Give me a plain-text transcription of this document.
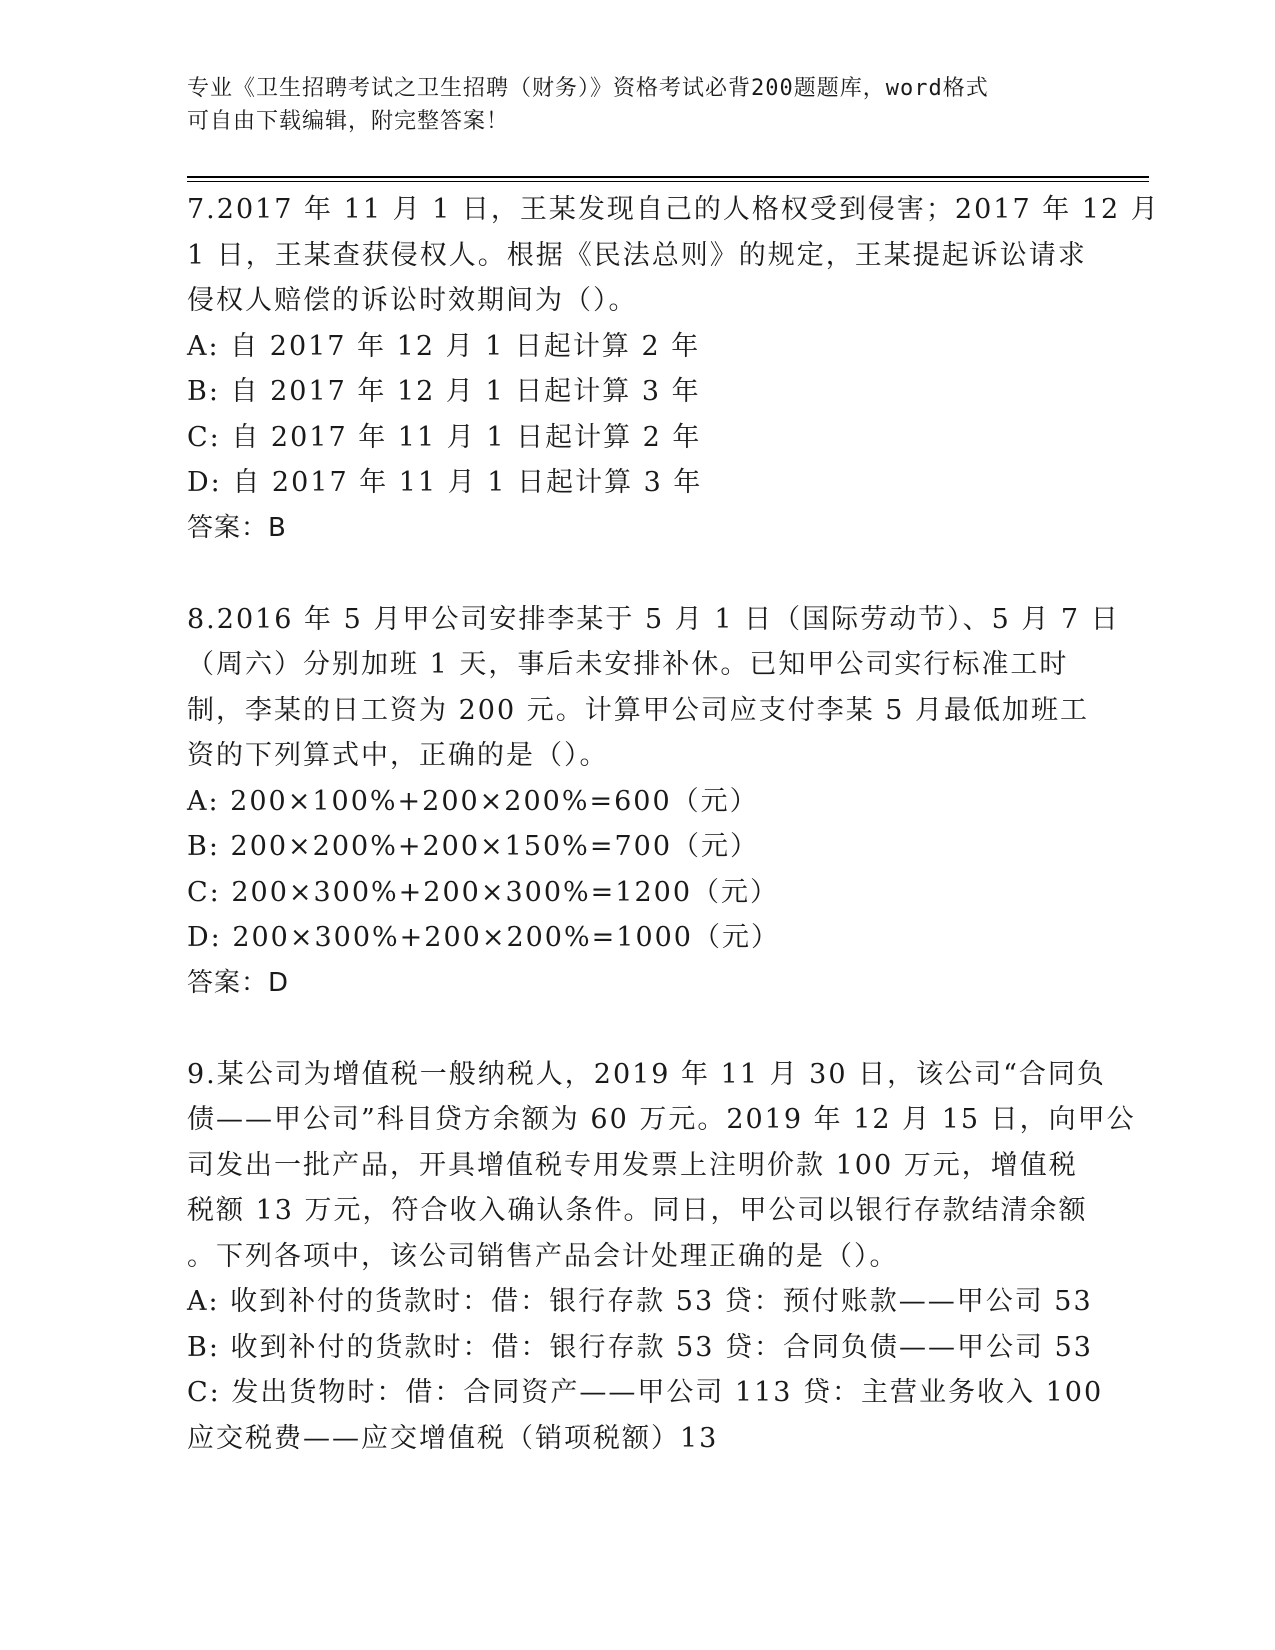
专业《卫生招聘考试之卫生招聘（财务）》资格考试必背200题题库，word格式
可自由下载编辑，附完整答案！
7.2017 年 11 月 1 日，王某发现自己的人格权受到侵害；2017 年 12 月
1 日，王某查获侵权人。根据《民法总则》的规定，王某提起诉讼请求
侵权人赔偿的诉讼时效期间为（）。
A: 自 2017 年 12 月 1 日起计算 2 年
B: 自 2017 年 12 月 1 日起计算 3 年
C: 自 2017 年 11 月 1 日起计算 2 年
D: 自 2017 年 11 月 1 日起计算 3 年
答案：B
8.2016 年 5 月甲公司安排李某于 5 月 1 日（国际劳动节）、5 月 7 日
（周六）分别加班 1 天，事后未安排补休。已知甲公司实行标准工时
制，李某的日工资为 200 元。计算甲公司应支付李某 5 月最低加班工
资的下列算式中，正确的是（）。
A: 200×100%+200×200%=600（元）
B: 200×200%+200×150%=700（元）
C: 200×300%+200×300%=1200（元）
D: 200×300%+200×200%=1000（元）
答案：D
9.某公司为增值税一般纳税人，2019 年 11 月 30 日，该公司“合同负
债——甲公司”科目贷方余额为 60 万元。2019 年 12 月 15 日，向甲公
司发出一批产品，开具增值税专用发票上注明价款 100 万元，增值税
税额 13 万元，符合收入确认条件。同日，甲公司以银行存款结清余额
。下列各项中，该公司销售产品会计处理正确的是（）。
A: 收到补付的货款时：借：银行存款 53 贷：预付账款——甲公司 53
B: 收到补付的货款时：借：银行存款 53 贷：合同负债——甲公司 53
C: 发出货物时：借：合同资产——甲公司 113 贷：主营业务收入 100
应交税费——应交增值税（销项税额）13
